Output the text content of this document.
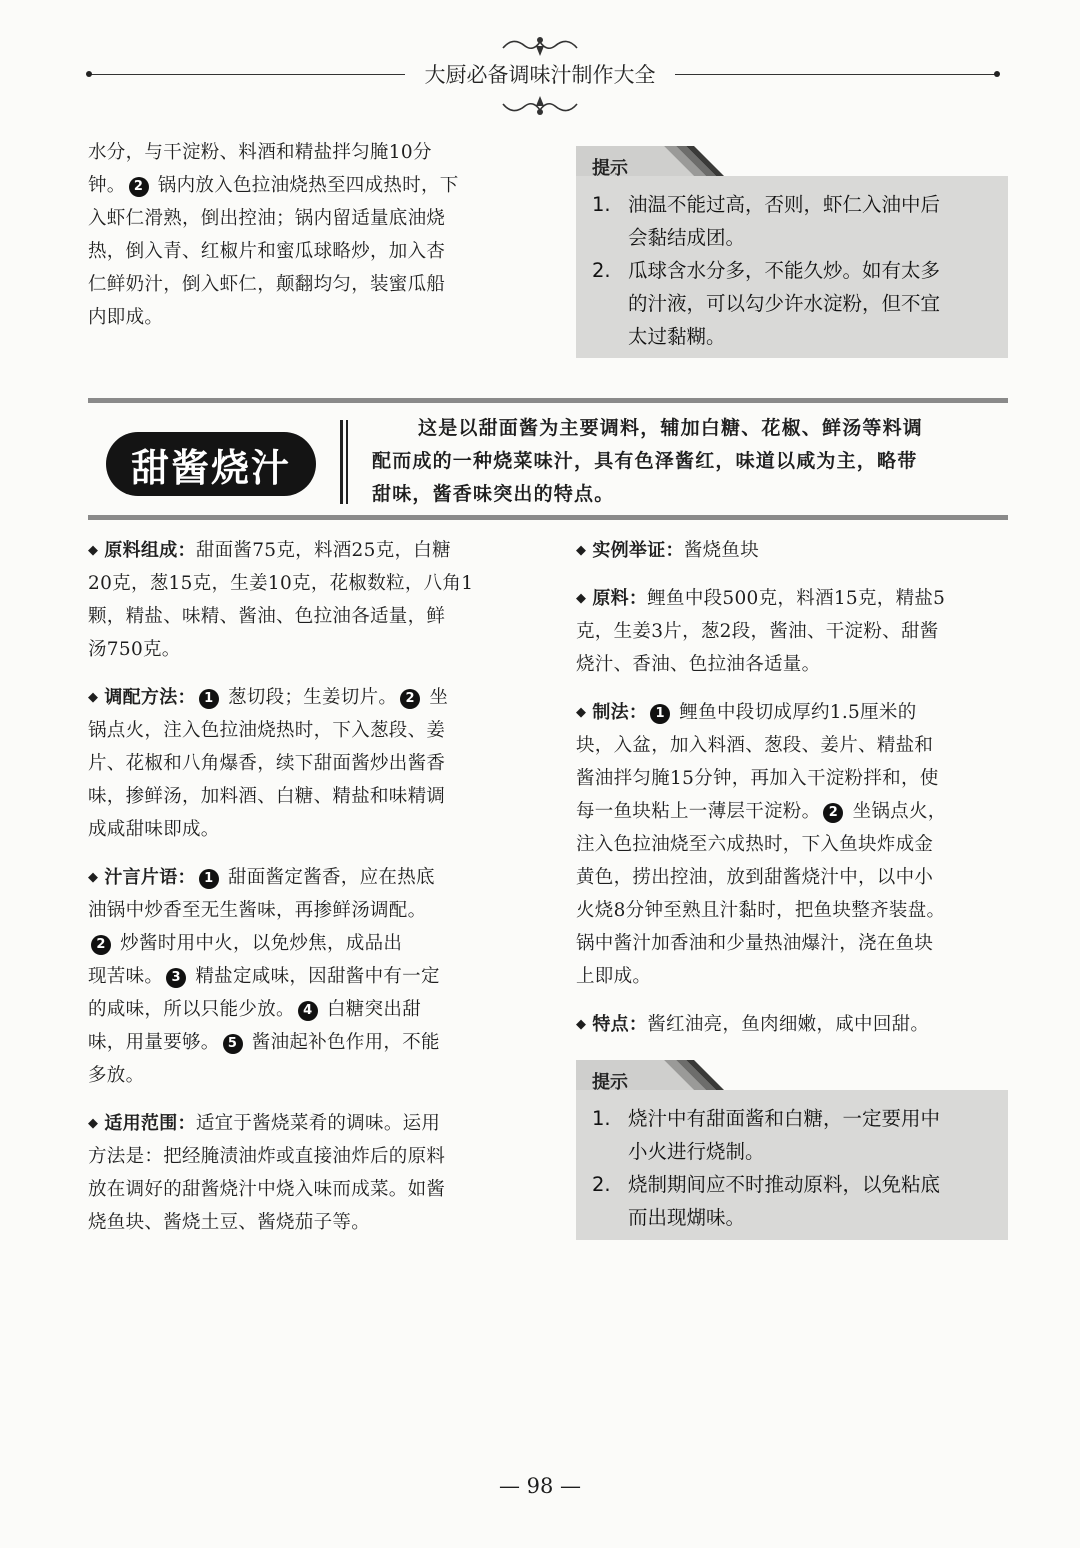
大厨必备调味汁制作大全
水分，与干淀粉、料酒和精盐拌匀腌10分
钟。 2 锅内放入色拉油烧热至四成热时，下
入虾仁滑熟，倒出控油；锅内留适量底油烧
热，倒入青、红椒片和蜜瓜球略炒，加入杏
仁鲜奶汁，倒入虾仁，颠翻均匀，装蜜瓜船
内即成。
提示
1. 油温不能过高，否则，虾仁入油中后
会黏结成团。
2. 瓜球含水分多，不能久炒。如有太多
的汁液，可以勾少许水淀粉，但不宜
太过黏糊。
甜酱烧汁

这是以甜面酱为主要调料，辅加白糖、花椒、鲜汤等料调

配而成的一种烧菜味汁，具有色泽酱红，味道以咸为主，略带

甜味，酱香味突出的特点。

◆ 原料组成：甜面酱75克，料酒25克，白糖
20克，葱15克，生姜10克，花椒数粒，八角1
颗，精盐、味精、酱油、色拉油各适量，鲜
汤750克。
◆ 调配方法： 1 葱切段；生姜切片。 2 坐
锅点火，注入色拉油烧热时，下入葱段、姜
片、花椒和八角爆香，续下甜面酱炒出酱香
味，掺鲜汤，加料酒、白糖、精盐和味精调
成咸甜味即成。
◆ 汁言片语： 1 甜面酱定酱香，应在热底
油锅中炒香至无生酱味，再掺鲜汤调配。
2 炒酱时用中火，以免炒焦，成品出
现苦味。 3 精盐定咸味，因甜酱中有一定
的咸味，所以只能少放。 4 白糖突出甜
味，用量要够。 5 酱油起补色作用，不能
多放。
◆ 适用范围：适宜于酱烧菜肴的调味。运用
方法是：把经腌渍油炸或直接油炸后的原料
放在调好的甜酱烧汁中烧入味而成菜。如酱
烧鱼块、酱烧土豆、酱烧茄子等。
◆ 实例举证：酱烧鱼块
◆ 原料：鲤鱼中段500克，料酒15克，精盐5
克，生姜3片，葱2段，酱油、干淀粉、甜酱
烧汁、香油、色拉油各适量。
◆ 制法： 1 鲤鱼中段切成厚约1.5厘米的
块，入盆，加入料酒、葱段、姜片、精盐和
酱油拌匀腌15分钟，再加入干淀粉拌和，使
每一鱼块粘上一薄层干淀粉。 2 坐锅点火，
注入色拉油烧至六成热时，下入鱼块炸成金
黄色，捞出控油，放到甜酱烧汁中，以中小
火烧8分钟至熟且汁黏时，把鱼块整齐装盘。
锅中酱汁加香油和少量热油爆汁，浇在鱼块
上即成。
◆ 特点：酱红油亮，鱼肉细嫩，咸中回甜。
提示
1. 烧汁中有甜面酱和白糖，一定要用中
小火进行烧制。
2. 烧制期间应不时推动原料，以免粘底
而出现煳味。
— 98 —
